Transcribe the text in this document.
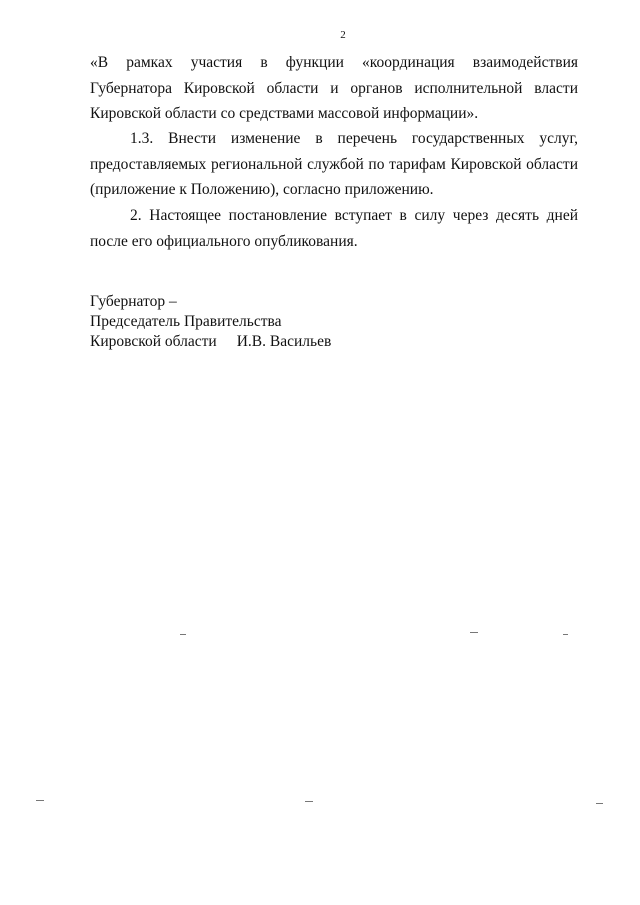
2

«В рамках участия в функции «координация взаимодействия Губернатора Кировской области и органов исполнительной власти Кировской области со средствами массовой информации».

1.3. Внести изменение в перечень государственных услуг, предоставляемых региональной службой по тарифам Кировской области (приложение к Положению), согласно приложению.

2. Настоящее постановление вступает в силу через десять дней после его официального опубликования.

Губернатор –
Председатель Правительства
Кировской области И.В. Васильев
